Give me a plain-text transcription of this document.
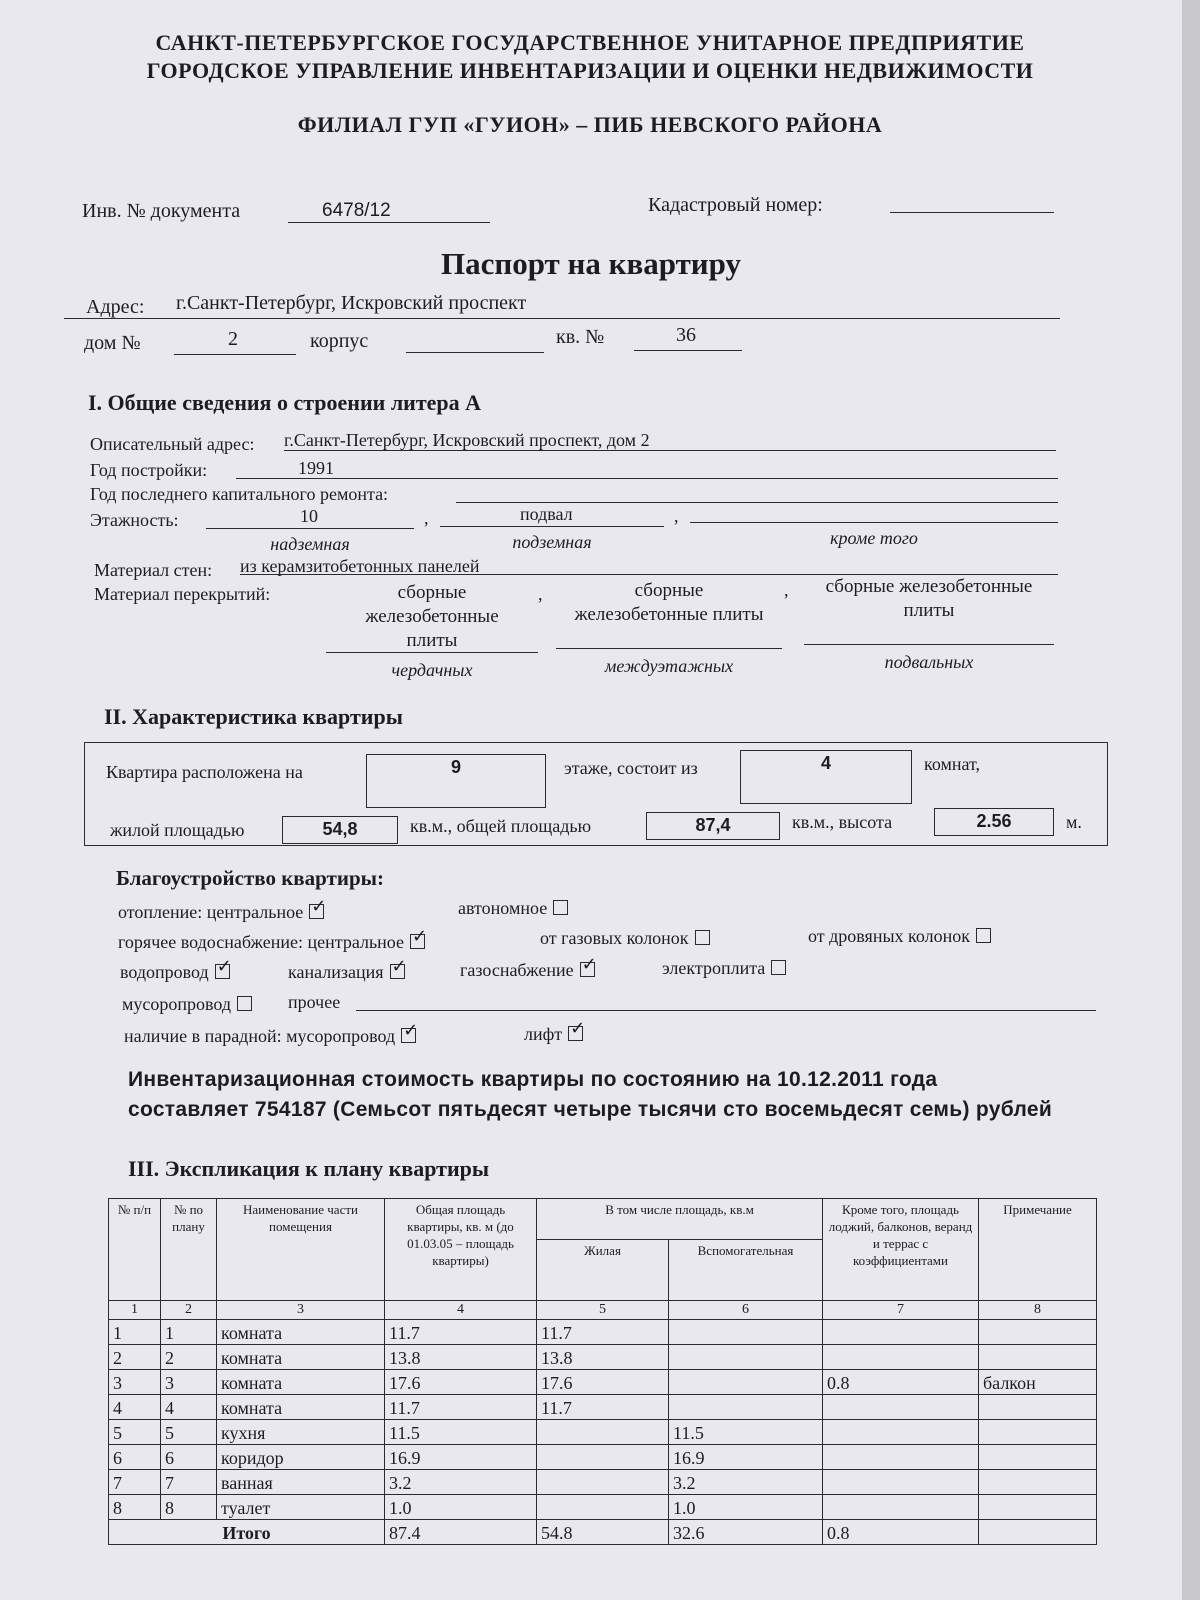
САНКТ-ПЕТЕРБУРГСКОЕ ГОСУДАРСТВЕННОЕ УНИТАРНОЕ ПРЕДПРИЯТИЕ
ГОРОДСКОЕ УПРАВЛЕНИЕ ИНВЕНТАРИЗАЦИИ И ОЦЕНКИ НЕДВИЖИМОСТИ
ФИЛИАЛ ГУП «ГУИОН» – ПИБ НЕВСКОГО РАЙОНА
Инв. № документа	6478/12	Кадастровый номер:
Паспорт на квартиру
Адрес: г.Санкт-Петербург, Искровский проспект
дом №	2	корпус	кв. №	36
I. Общие сведения о строении литера А
Описательный адрес: г.Санкт-Петербург, Искровский проспект, дом 2
Год постройки:	1991
Год последнего капитального ремонта:
Этажность:	10	,	подвал	,
надземная	подземная	кроме того
Материал стен: из керамзитобетонных панелей
Материал перекрытий:	сборные
железобетонные
плиты
,	сборные
железобетонные плиты
,	сборные железобетонные
плиты
чердачных	междуэтажных	подвальных
II. Характеристика квартиры
Квартира расположена на	9	этаже, состоит из	4	комнат,
жилой площадью	54,8	кв.м., общей площадью	87,4	кв.м., высота	2.56	м.
Благоустройство квартиры:
отопление: центральное ✓	автономное
горячее водоснабжение: центральное ✓	от газовых колонок	от дровяных колонок
водопровод ✓	канализация ✓	газоснабжение ✓	электроплита
мусоропровод	прочее
наличие в парадной: мусоропровод ✓	лифт✓
Инвентаризационная стоимость квартиры по состоянию на 10.12.2011 года
составляет 754187 (Семьсот пятьдесят четыре тысячи сто восемьдесят семь) рублей
III. Экспликация к плану квартиры
№ п/п	№ по плану	Наименование части помещения	Общая площадь квартиры, кв. м (до 01.03.05 – площадь квартиры)	В том числе площадь, кв.м		Кроме того, площадь лоджий, балконов, веранд и террас с коэффициентами	Примечание
				Жилая	Вспомогательная		
1	2	3	4	5	6	7	8
1	1	комната	11.7	11.7			
2	2	комната	13.8	13.8			
3	3	комната	17.6	17.6		0.8	балкон
4	4	комната	11.7	11.7			
5	5	кухня	11.5		11.5		
6	6	коридор	16.9		16.9		
7	7	ванная	3.2		3.2		
8	8	туалет	1.0		1.0		
Итого			87.4	54.8	32.6	0.8	
